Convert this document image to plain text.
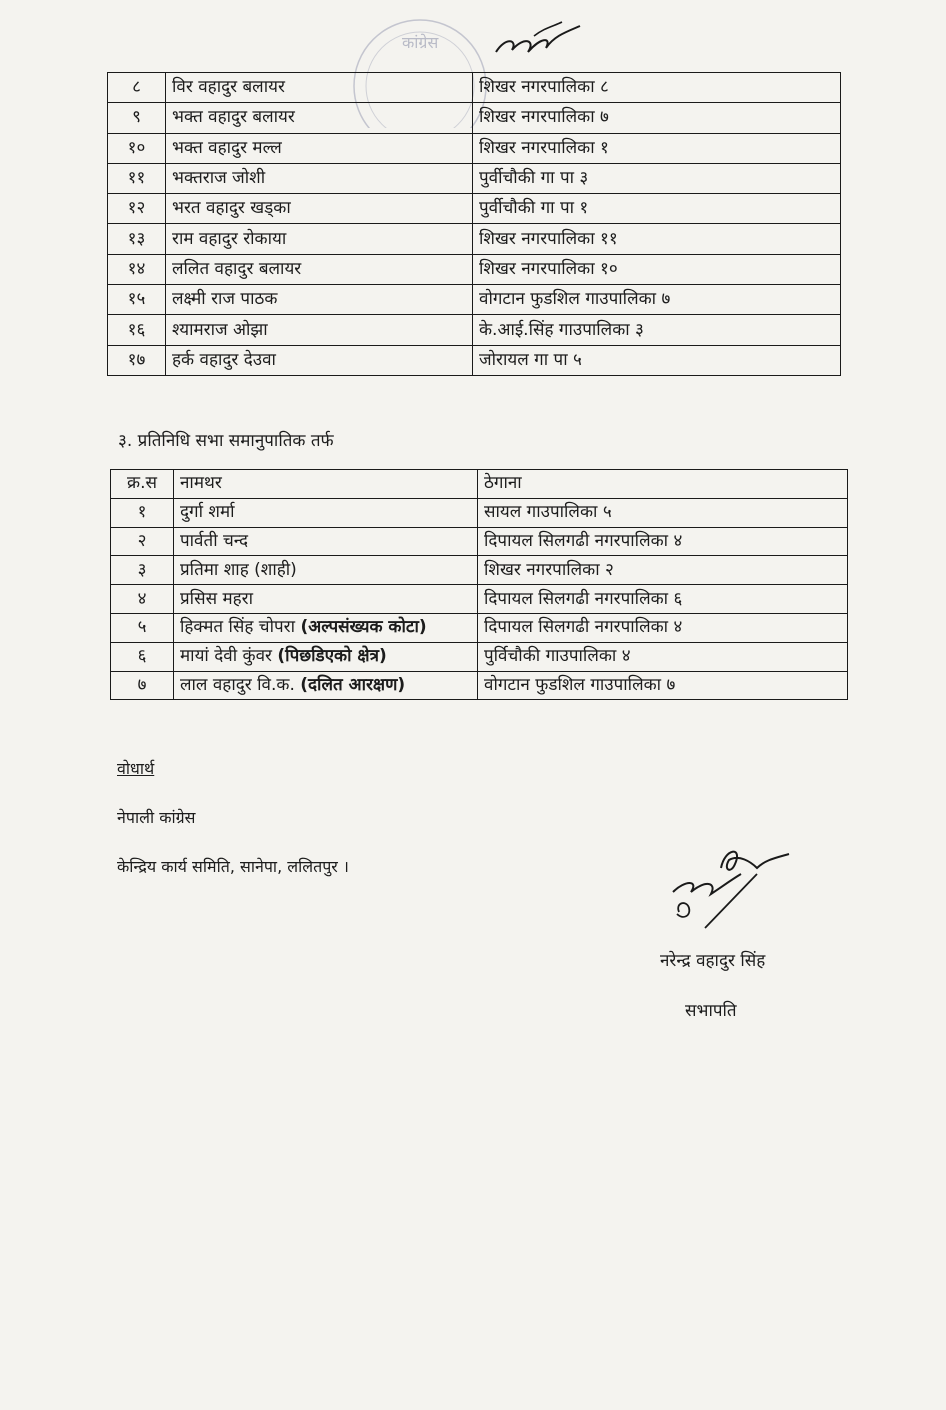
कांग्रेस
८	विर वहादुर बलायर	शिखर नगरपालिका ८
९	भक्त वहादुर बलायर	शिखर नगरपालिका ७
१०	भक्त वहादुर मल्ल	शिखर नगरपालिका १
११	भक्तराज जोशी	पुर्वीचौकी गा पा ३
१२	भरत वहादुर खड्का	पुर्वीचौकी गा पा १
१३	राम वहादुर रोकाया	शिखर नगरपालिका ११
१४	ललित वहादुर बलायर	शिखर नगरपालिका १०
१५	लक्ष्मी राज पाठक	वोगटान फुडशिल गाउपालिका ७
१६	श्यामराज ओझा	के.आई.सिंह गाउपालिका ३
१७	हर्क वहादुर देउवा	जोरायल गा पा ५
३. प्रतिनिधि सभा समानुपातिक तर्फ
क्र.स	नामथर	ठेगाना
१	दुर्गा शर्मा	सायल गाउपालिका ५
२	पार्वती चन्द	दिपायल सिलगढी नगरपालिका ४
३	प्रतिमा शाह (शाही)	शिखर नगरपालिका २
४	प्रसिस महरा	दिपायल सिलगढी नगरपालिका ६
५	हिक्मत सिंह चोपरा (अल्पसंख्यक कोटा)	दिपायल सिलगढी नगरपालिका ४
६	मायां देवी कुंवर (पिछडिएको क्षेत्र)	पुर्विचौकी गाउपालिका ४
७	लाल वहादुर वि.क. (दलित आरक्षण)	वोगटान फुडशिल गाउपालिका ७
वोधार्थ
नेपाली कांग्रेस
केन्द्रिय कार्य समिति, सानेपा, ललितपुर ।
नरेन्द्र वहादुर सिंह
सभापति
